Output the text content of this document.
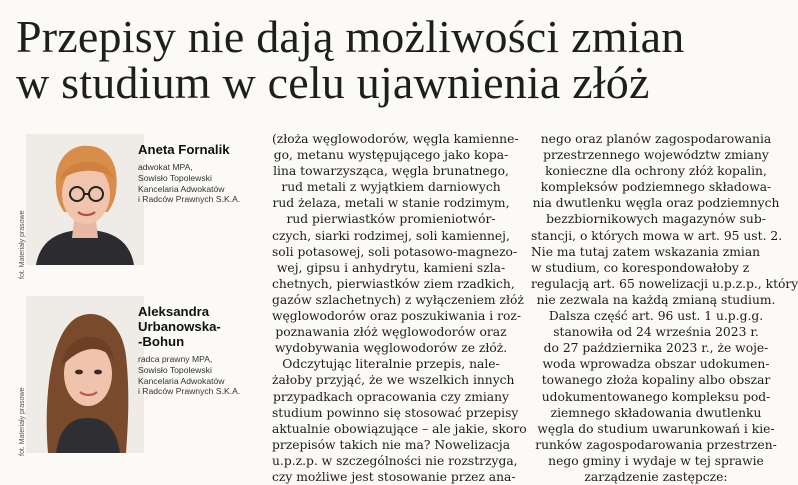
Przepisy nie dają możliwości zmian
w studium w celu ujawnienia złóż
fot. Materiały prasowe
Aneta Fornalik
adwokat MPA,
Sowisło Topolewski
Kancelaria Adwokatów
i Radców Prawnych S.K.A.
fot. Materiały prasowe
Aleksandra
Urbanowska-
-Bohun
radca prawny MPA,
Sowisło Topolewski
Kancelaria Adwokatów
i Radców Prawnych S.K.A.
(złoża węglowodorów, węgla kamienne-
go, metanu występującego jako kopa-
lina towarzysząca, węgla brunatnego,
rud metali z wyjątkiem darniowych
rud żelaza, metali w stanie rodzimym,
rud pierwiastków promieniotwór-
czych, siarki rodzimej, soli kamiennej,
soli potasowej, soli potasowo-magnezo-
wej, gipsu i anhydrytu, kamieni szla-
chetnych, pierwiastków ziem rzadkich,
gazów szlachetnych) z wyłączeniem złóż
węglowodorów oraz poszukiwania i roz-
poznawania złóż węglowodorów oraz
wydobywania węglowodorów ze złóż.
Odczytując literalnie przepis, nale-
żałoby przyjąć, że we wszelkich innych
przypadkach opracowania czy zmiany
studium powinno się stosować przepisy
aktualnie obowiązujące – ale jakie, skoro
przepisów takich nie ma? Nowelizacja
u.p.z.p. w szczególności nie rozstrzyga,
czy możliwe jest stosowanie przez ana-
nego oraz planów zagospodarowania
przestrzennego województw zmiany
konieczne dla ochrony złóż kopalin,
kompleksów podziemnego składowa-
nia dwutlenku węgla oraz podziemnych
bezzbiornikowych magazynów sub-
stancji, o których mowa w art. 95 ust. 2.
Nie ma tutaj zatem wskazania zmian
w studium, co korespondowałoby z
regulacją art. 65 nowelizacji u.p.z.p., który
nie zezwala na każdą zmianą studium.
Dalsza część art. 96 ust. 1 u.p.g.g.
stanowiła od 24 września 2023 r.
do 27 października 2023 r., że woje-
woda wprowadza obszar udokumen-
towanego złoża kopaliny albo obszar
udokumentowanego kompleksu pod-
ziemnego składowania dwutlenku
węgla do studium uwarunkowań i kie-
runków zagospodarowania przestrzen-
nego gminy i wydaje w tej sprawie
zarządzenie zastępcze:
